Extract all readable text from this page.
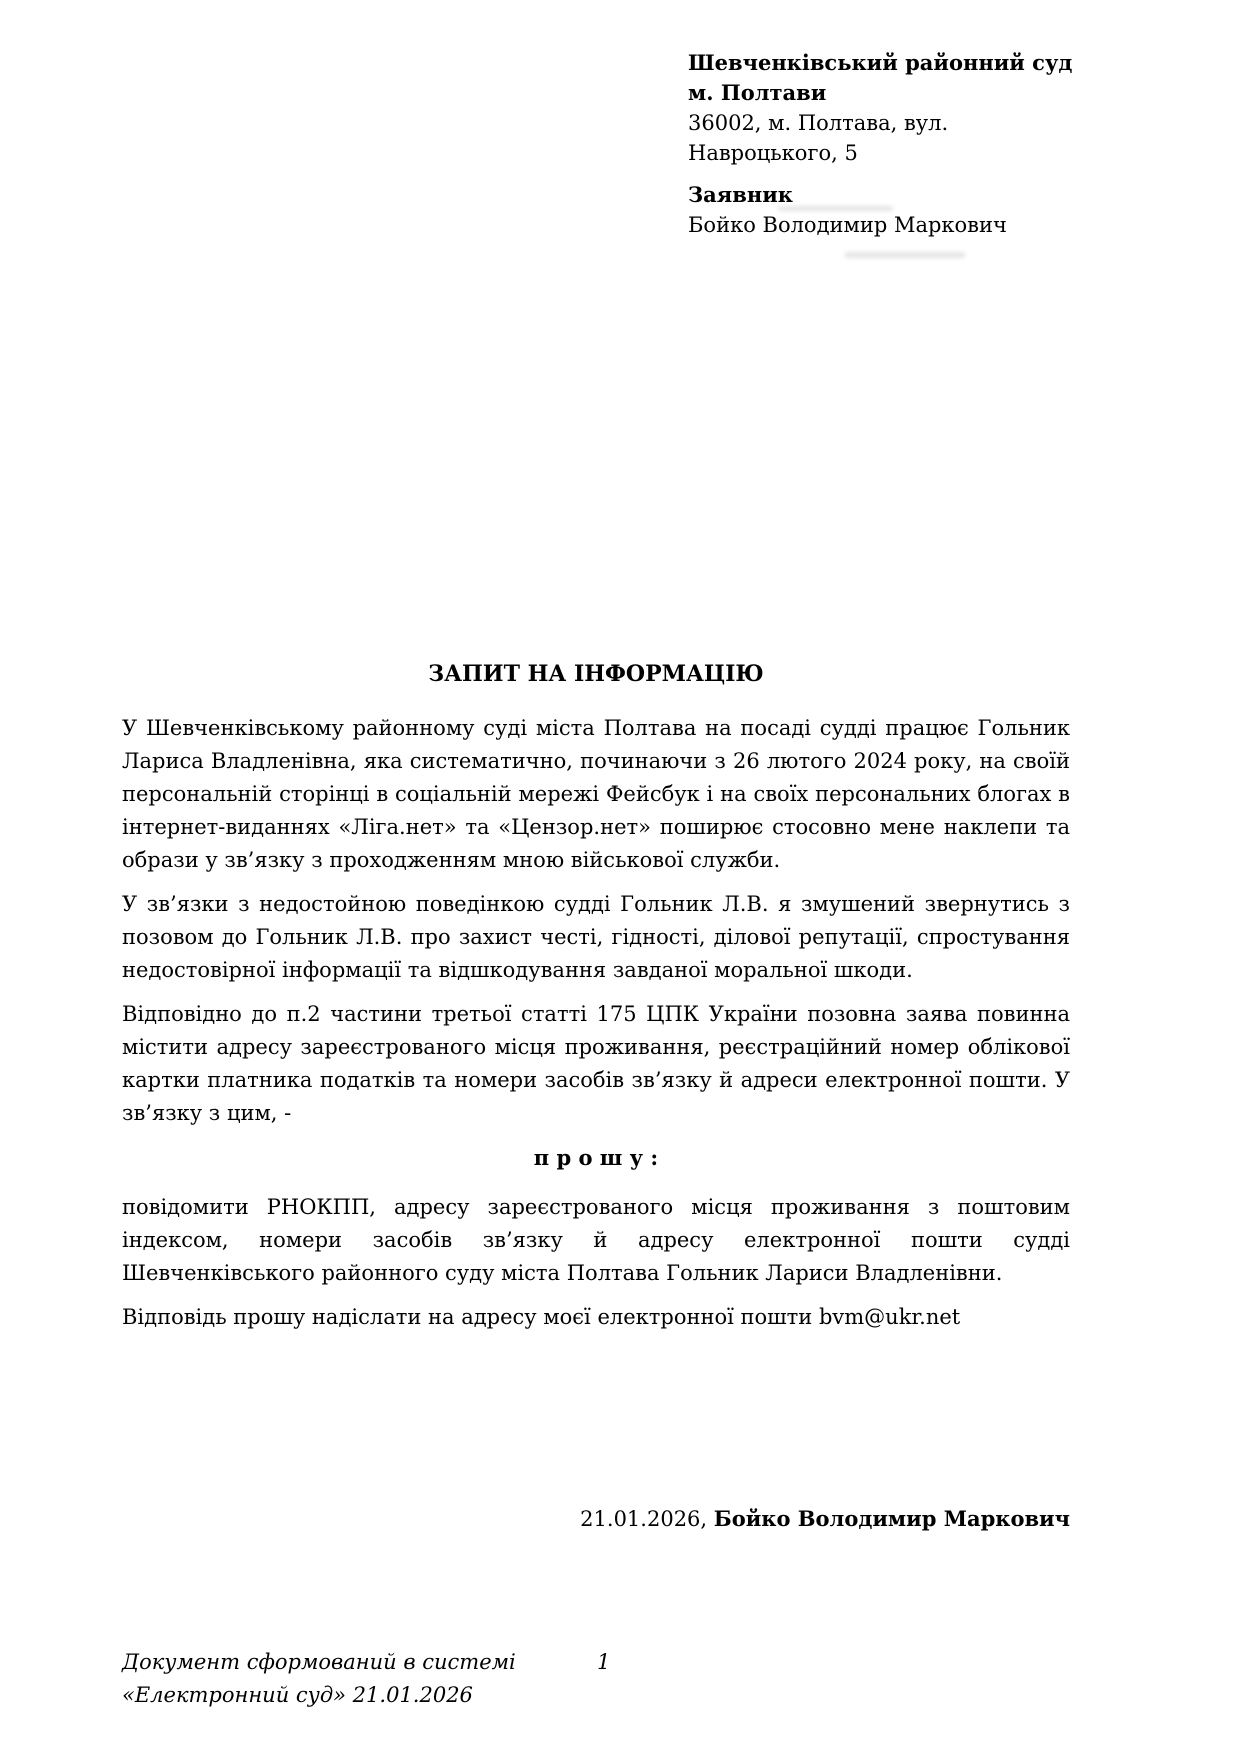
Шевченківський районний суд
м. Полтави
36002, м. Полтава, вул.
Навроцького, 5
Заявник
Бойко Володимир Маркович
ЗАПИТ НА ІНФОРМАЦІЮ

У Шевченківському районному суді міста Полтава на посаді судді працює Гольник Лариса Владленівна, яка систематично, починаючи з 26 лютого 2024 року, на своїй персональній сторінці в соціальній мережі Фейсбук і на своїх персональних блогах в інтернет-виданнях «Ліга.нет» та «Цензор.нет» поширює стосовно мене наклепи та образи у зв’язку з проходженням мною військової служби.

У зв’язки з недостойною поведінкою судді Гольник Л.В. я змушений звернутись з позовом до Гольник Л.В. про захист честі, гідності, ділової репутації, спростування недостовірної інформації та відшкодування завданої моральної шкоди.

Відповідно до п.2 частини третьої статті 175 ЦПК України позовна заява повинна містити адресу зареєстрованого місця проживання, реєстраційний номер облікової картки платника податків та номери засобів зв’язку й адреси електронної пошти. У зв’язку з цим, -

п р о ш у :

повідомити РНОКПП, адресу зареєстрованого місця проживання з поштовим індексом, номери засобів зв’язку й адресу електронної пошти судді Шевченківського районного суду міста Полтава Гольник Лариси Владленівни.

Відповідь прошу надіслати на адресу моєї електронної пошти bvm@ukr.net

21.01.2026, Бойко Володимир Маркович
Документ сформований в системі «Електронний суд» 21.01.2026
1
